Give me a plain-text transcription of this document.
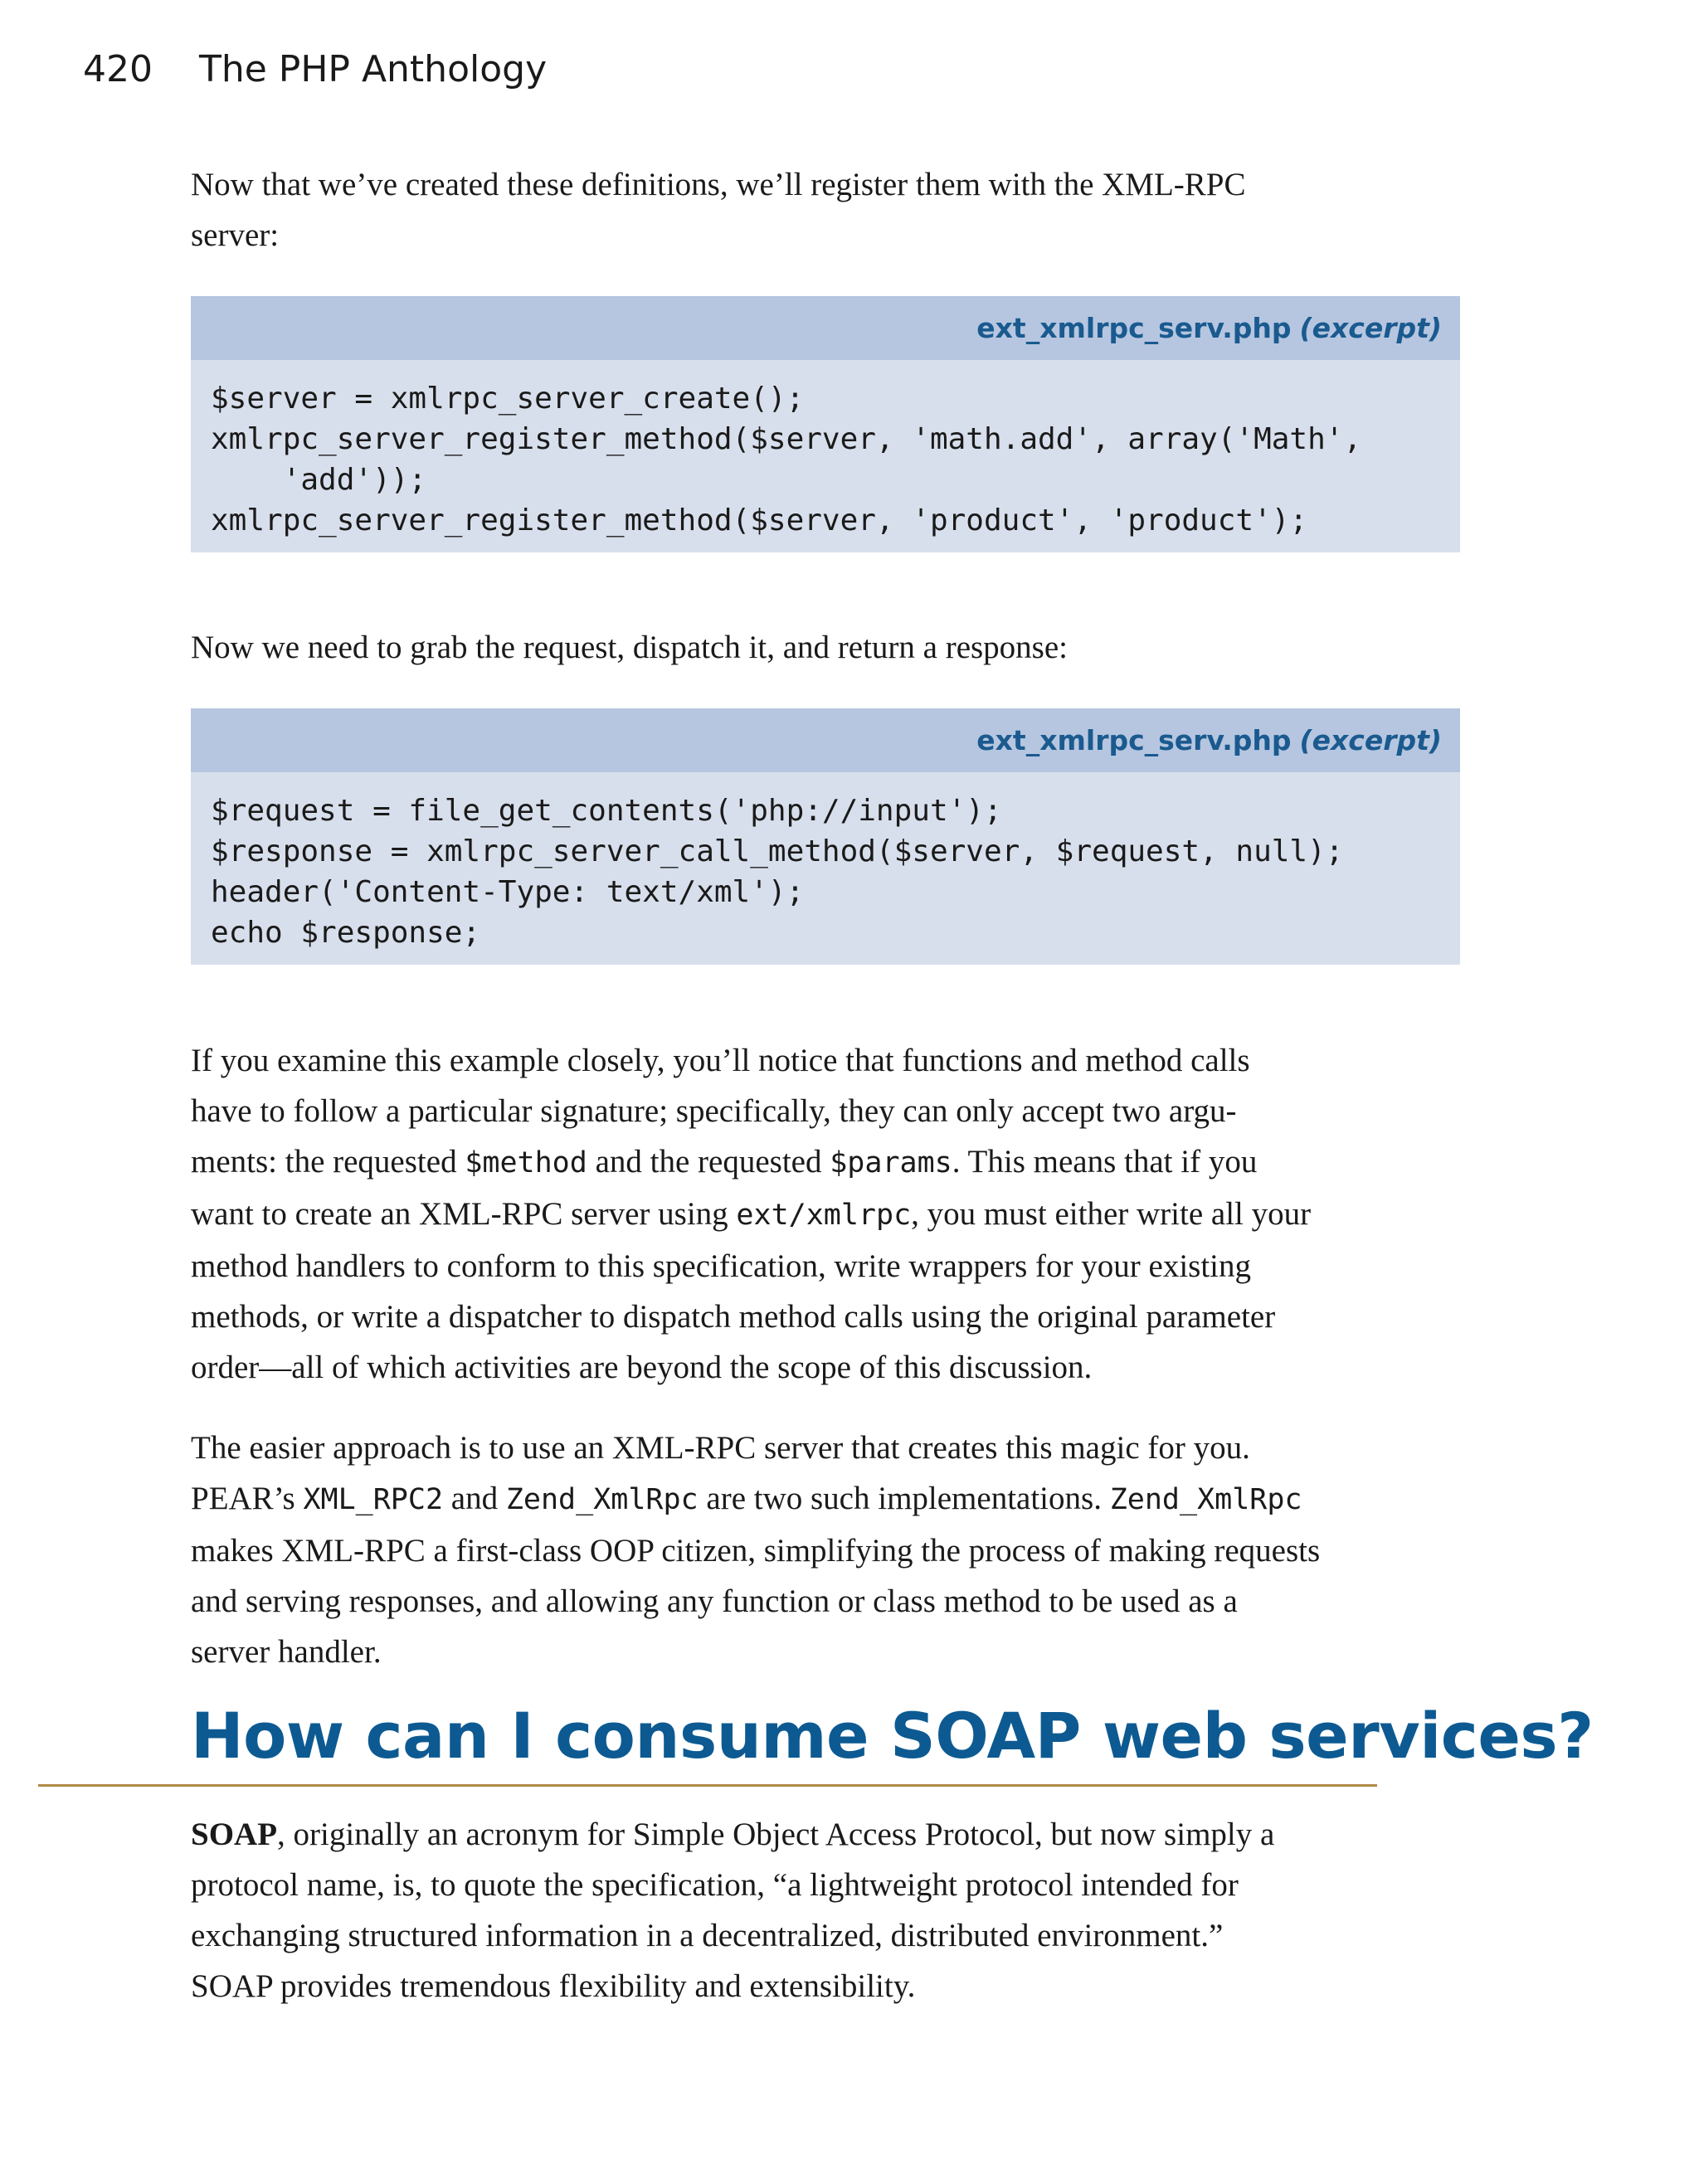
420 The PHP Anthology

Now that we’ve created these definitions, we’ll register them with the XML-RPC
server:

ext_xmlrpc_serv.php (excerpt)
$server = xmlrpc_server_create();
xmlrpc_server_register_method($server, 'math.add', array('Math',
'add'));
xmlrpc_server_register_method($server, 'product', 'product');

Now we need to grab the request, dispatch it, and return a response:

ext_xmlrpc_serv.php (excerpt)
$request = file_get_contents('php://input');
$response = xmlrpc_server_call_method($server, $request, null);
header('Content-Type: text/xml');
echo $response;

If you examine this example closely, you’ll notice that functions and method calls
have to follow a particular signature; specifically, they can only accept two argu-
ments: the requested $method and the requested $params. This means that if you
want to create an XML-RPC server using ext/xmlrpc, you must either write all your
method handlers to conform to this specification, write wrappers for your existing
methods, or write a dispatcher to dispatch method calls using the original parameter
order—all of which activities are beyond the scope of this discussion.

The easier approach is to use an XML-RPC server that creates this magic for you.
PEAR’s XML_RPC2 and Zend_XmlRpc are two such implementations. Zend_XmlRpc
makes XML-RPC a first-class OOP citizen, simplifying the process of making requests
and serving responses, and allowing any function or class method to be used as a
server handler.

How can I consume SOAP web services?

SOAP, originally an acronym for Simple Object Access Protocol, but now simply a
protocol name, is, to quote the specification, “a lightweight protocol intended for
exchanging structured information in a decentralized, distributed environment.”
SOAP provides tremendous flexibility and extensibility.
